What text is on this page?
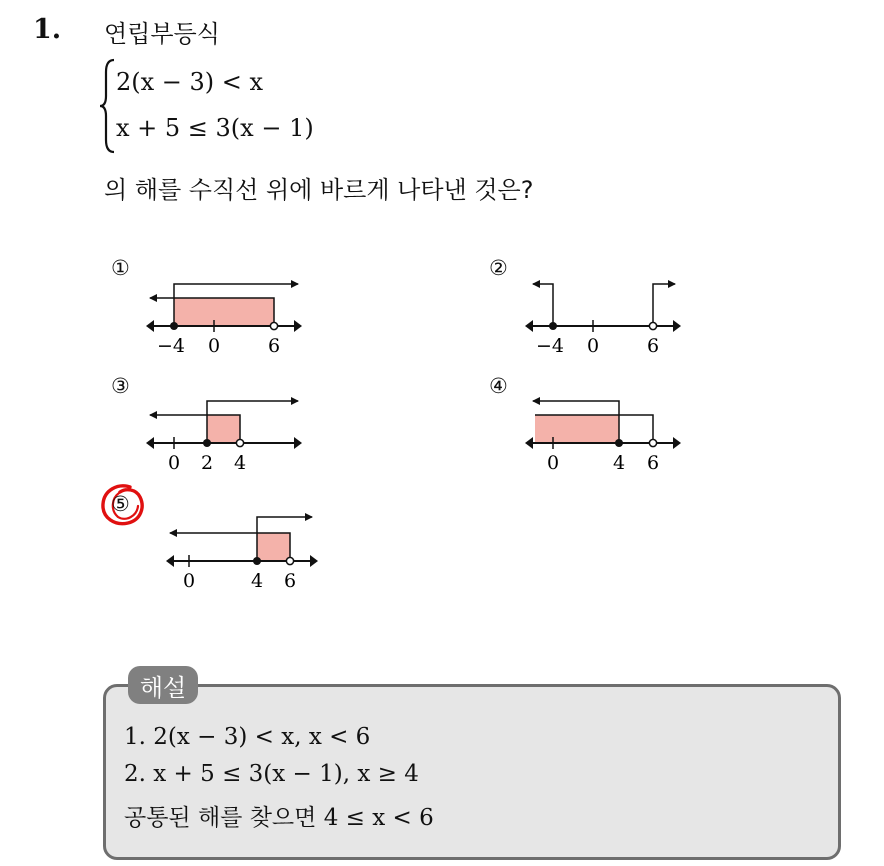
1. 연립부등식
2(x − 3) < x
x + 5 ≤ 3(x − 1)
의 해를 수직선 위에 바르게 나타낸 것은?
①
−4 0	6
②
−4 0	6
③
0 2 4
④
0	4 6
⑤
0	4 6
해설
1. 2(x − 3) < x, x < 6
2. x + 5 ≤ 3(x − 1), x ≥ 4
공통된 해를 찾으면 4 ≤ x < 6
